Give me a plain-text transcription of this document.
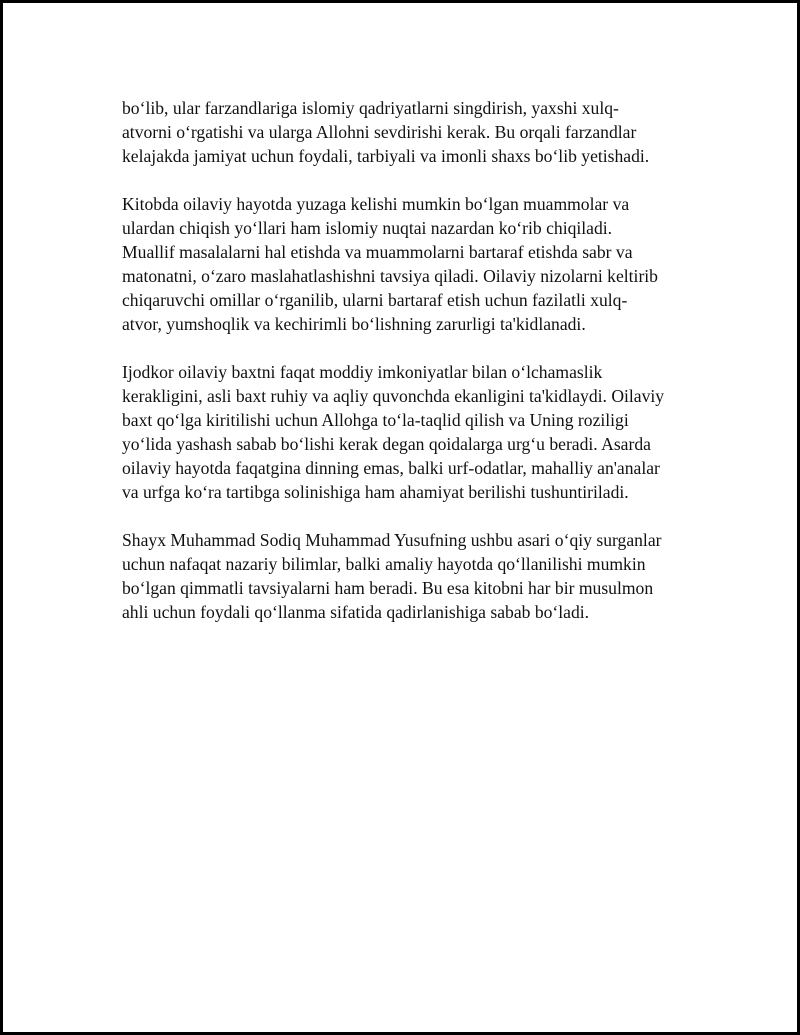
bo‘lib, ular farzandlariga islomiy qadriyatlarni singdirish, yaxshi xulq-
atvorni o‘rgatishi va ularga Allohni sevdirishi kerak. Bu orqali farzandlar
kelajakda jamiyat uchun foydali, tarbiyali va imonli shaxs bo‘lib yetishadi.

Kitobda oilaviy hayotda yuzaga kelishi mumkin bo‘lgan muammolar va
ulardan chiqish yo‘llari ham islomiy nuqtai nazardan ko‘rib chiqiladi.
Muallif masalalarni hal etishda va muammolarni bartaraf etishda sabr va
matonatni, o‘zaro maslahatlashishni tavsiya qiladi. Oilaviy nizolarni keltirib
chiqaruvchi omillar o‘rganilib, ularni bartaraf etish uchun fazilatli xulq-
atvor, yumshoqlik va kechirimli bo‘lishning zarurligi ta'kidlanadi.

Ijodkor oilaviy baxtni faqat moddiy imkoniyatlar bilan o‘lchamaslik
kerakligini, asli baxt ruhiy va aqliy quvonchda ekanligini ta'kidlaydi. Oilaviy
baxt qo‘lga kiritilishi uchun Allohga to‘la-taqlid qilish va Uning roziligi
yo‘lida yashash sabab bo‘lishi kerak degan qoidalarga urg‘u beradi. Asarda
oilaviy hayotda faqatgina dinning emas, balki urf-odatlar, mahalliy an'analar
va urfga ko‘ra tartibga solinishiga ham ahamiyat berilishi tushuntiriladi.

Shayx Muhammad Sodiq Muhammad Yusufning ushbu asari o‘qiy surganlar
uchun nafaqat nazariy bilimlar, balki amaliy hayotda qo‘llanilishi mumkin
bo‘lgan qimmatli tavsiyalarni ham beradi. Bu esa kitobni har bir musulmon
ahli uchun foydali qo‘llanma sifatida qadirlanishiga sabab bo‘ladi.
